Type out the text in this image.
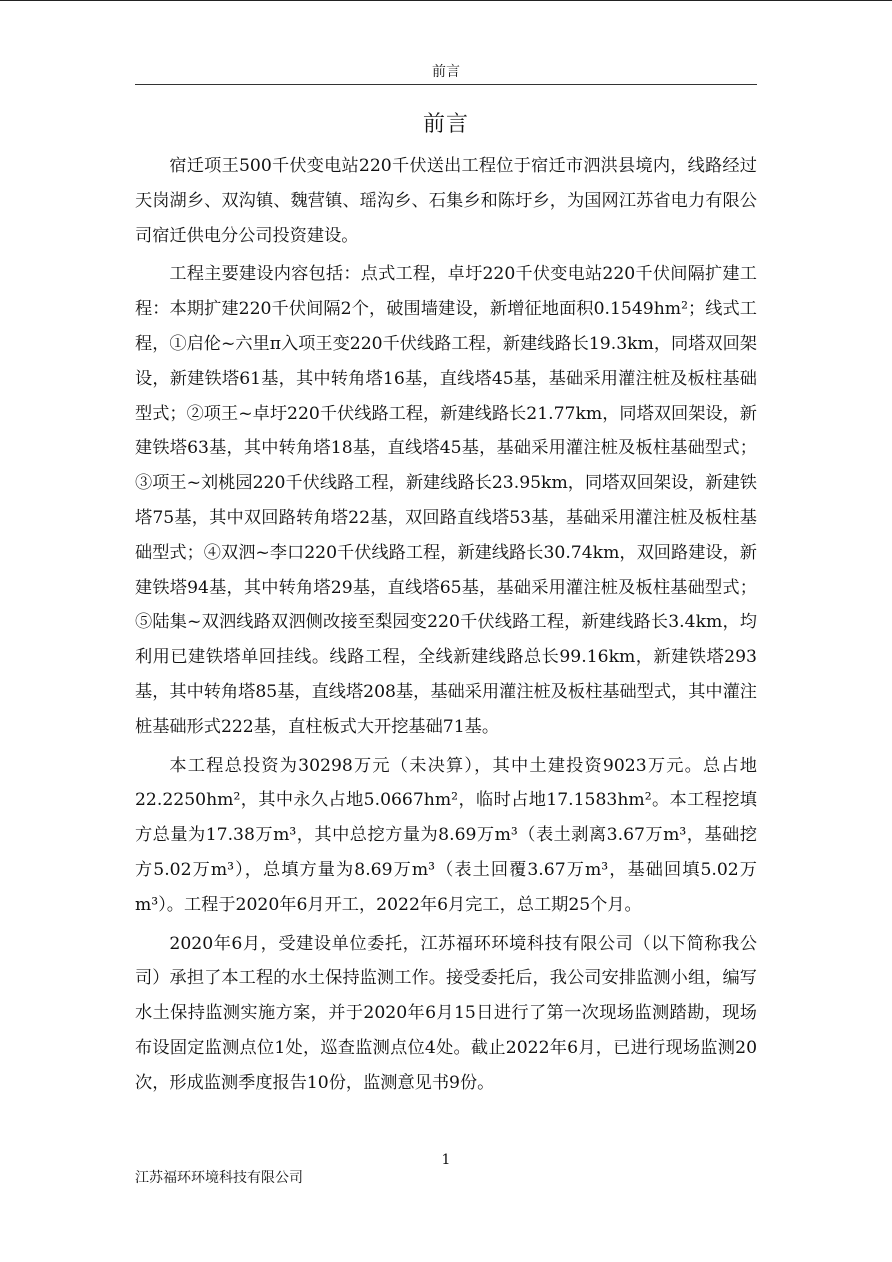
前言
前言

宿迁项王500千伏变电站220千伏送出工程位于宿迁市泗洪县境内，线路经过天岗湖乡、双沟镇、魏营镇、瑶沟乡、石集乡和陈圩乡，为国网江苏省电力有限公司宿迁供电分公司投资建设。

工程主要建设内容包括：点式工程，卓圩220千伏变电站220千伏间隔扩建工程：本期扩建220千伏间隔2个，破围墙建设，新增征地面积0.1549hm²；线式工程，①启伦~六里π入项王变220千伏线路工程，新建线路长19.3km，同塔双回架设，新建铁塔61基，其中转角塔16基，直线塔45基，基础采用灌注桩及板柱基础型式；②项王~卓圩220千伏线路工程，新建线路长21.77km，同塔双回架设，新建铁塔63基，其中转角塔18基，直线塔45基，基础采用灌注桩及板柱基础型式；③项王~刘桃园220千伏线路工程，新建线路长23.95km，同塔双回架设，新建铁塔75基，其中双回路转角塔22基，双回路直线塔53基，基础采用灌注桩及板柱基础型式；④双泗~李口220千伏线路工程，新建线路长30.74km，双回路建设，新建铁塔94基，其中转角塔29基，直线塔65基，基础采用灌注桩及板柱基础型式；⑤陆集~双泗线路双泗侧改接至梨园变220千伏线路工程，新建线路长3.4km，均利用已建铁塔单回挂线。线路工程，全线新建线路总长99.16km，新建铁塔293基，其中转角塔85基，直线塔208基，基础采用灌注桩及板柱基础型式，其中灌注桩基础形式222基，直柱板式大开挖基础71基。

本工程总投资为30298万元（未决算），其中土建投资9023万元。总占地22.2250hm²，其中永久占地5.0667hm²，临时占地17.1583hm²。本工程挖填方总量为17.38万m³，其中总挖方量为8.69万m³（表土剥离3.67万m³，基础挖方5.02万m³），总填方量为8.69万m³（表土回覆3.67万m³，基础回填5.02万m³）。工程于2020年6月开工，2022年6月完工，总工期25个月。

2020年6月，受建设单位委托，江苏福环环境科技有限公司（以下简称我公司）承担了本工程的水土保持监测工作。接受委托后，我公司安排监测小组，编写水土保持监测实施方案，并于2020年6月15日进行了第一次现场监测踏勘，现场布设固定监测点位1处，巡查监测点位4处。截止2022年6月，已进行现场监测20次，形成监测季度报告10份，监测意见书9份。

1
江苏福环环境科技有限公司
